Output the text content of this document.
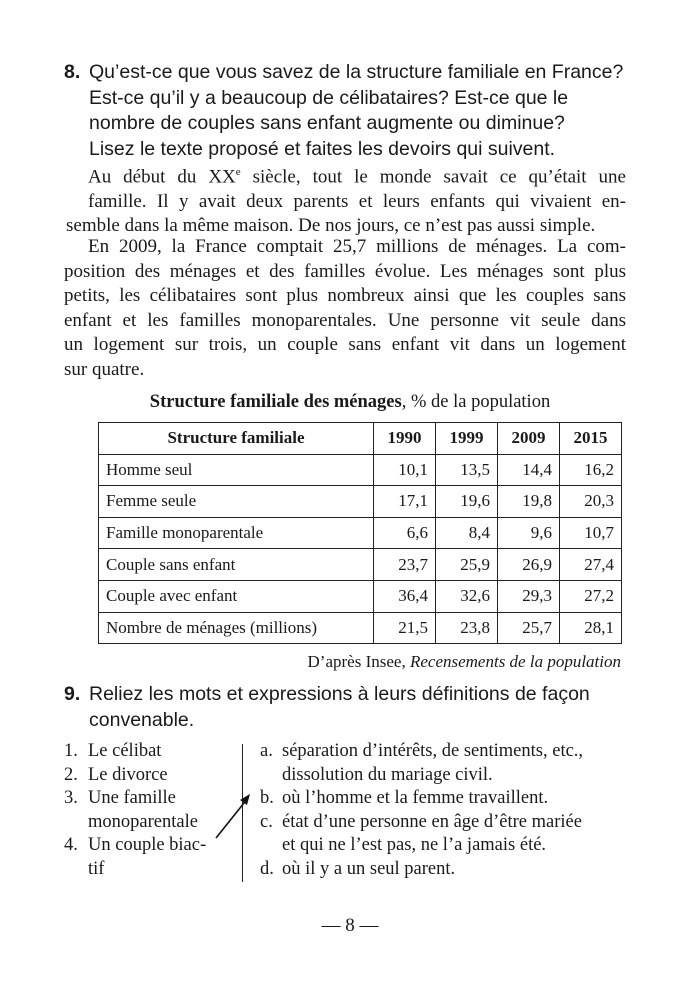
8. Qu’est-ce que vous savez de la structure familiale en France?
Est-ce qu’il y a beaucoup de célibataires? Est-ce que le
nombre de couples sans enfant augmente ou diminue?
Lisez le texte proposé et faites les devoirs qui suivent.
Au début du XXe siècle, tout le monde savait ce qu’était une
famille. Il y avait deux parents et leurs enfants qui vivaient en-
semble dans la même maison. De nos jours, ce n’est pas aussi simple.
En 2009, la France comptait 25,7 millions de ménages. La com-
position des ménages et des familles évolue. Les ménages sont plus
petits, les célibataires sont plus nombreux ainsi que les couples sans
enfant et les familles monoparentales. Une personne vit seule dans
un logement sur trois, un couple sans enfant vit dans un logement
sur quatre.
Structure familiale des ménages, % de la population
Structure familiale	1990	1999	2009	2015
Homme seul	10,1	13,5	14,4	16,2
Femme seule	17,1	19,6	19,8	20,3
Famille monoparentale	6,6	8,4	9,6	10,7
Couple sans enfant	23,7	25,9	26,9	27,4
Couple avec enfant	36,4	32,6	29,3	27,2
Nombre de ménages (millions)	21,5	23,8	25,7	28,1
D’après Insee, Recensements de la population
9. Reliez les mots et expressions à leurs définitions de façon
convenable.
1. Le célibat
2. Le divorce
3. Une famille
monoparentale
4. Un couple biac-
tif
a. séparation d’intérêts, de sentiments, etc.,
dissolution du mariage civil.
b. où l’homme et la femme travaillent.
c. état d’une personne en âge d’être mariée
et qui ne l’est pas, ne l’a jamais été.
d. où il y a un seul parent.
— 8 —
